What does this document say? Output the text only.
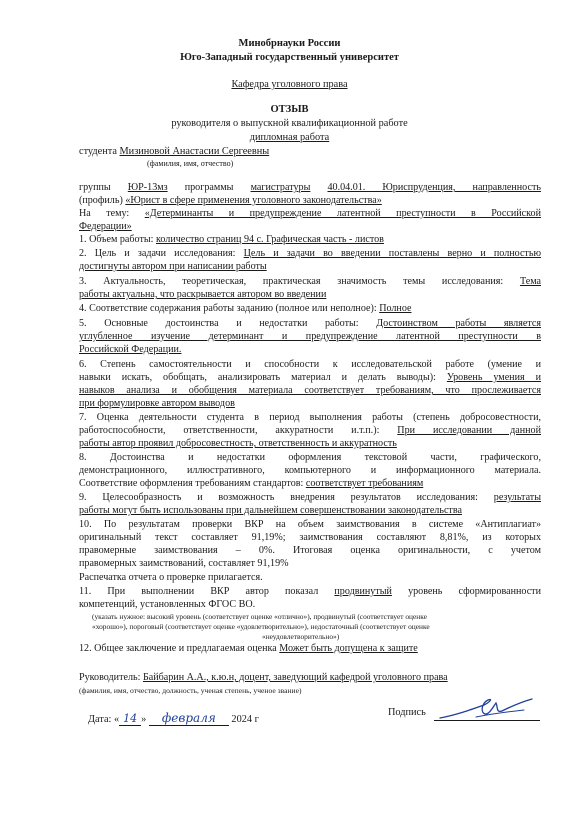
Минобрнауки России
Юго-Западный государственный университет
Кафедра уголовного права
ОТЗЫВ
руководителя о выпускной квалификационной работе
дипломная работа
студента Мизиновой Анастасии Сергеевны
(фамилия, имя, отчество)
группы ЮР-13мз программы магистратуры 40.04.01. Юриспруденция, направленность
(профиль) «Юрист в сфере применения уголовного законодательства»
На тему: «Детерминанты и предупреждение латентной преступности в Российской
Федерации»
1. Объем работы: количество страниц 94 с. Графическая часть - листов
2. Цель и задачи исследования: Цель и задачи во введении поставлены верно и полностью
достигнуты автором при написании работы
3. Актуальность, теоретическая, практическая значимость темы исследования: Тема
работы актуальна, что раскрывается автором во введении
4. Соответствие содержания работы заданию (полное или неполное): Полное
5. Основные достоинства и недостатки работы: Достоинством работы является
углубленное изучение детерминант и предупреждение латентной преступности в
Российской Федерации.
6. Степень самостоятельности и способности к исследовательской работе (умение и
навыки искать, обобщать, анализировать материал и делать выводы): Уровень умения и
навыков анализа и обобщения материала соответствует требованиям, что прослеживается
при формулировке автором выводов
7. Оценка деятельности студента в период выполнения работы (степень добросовестности,
работоспособности, ответственности, аккуратности и.т.п.): При исследовании данной
работы автор проявил добросовестность, ответственность и аккуратность
8. Достоинства и недостатки оформления текстовой части, графического,
демонстрационного, иллюстративного, компьютерного и информационного материала.
Соответствие оформления требованиям стандартов: соответствует требованиям
9. Целесообразность и возможность внедрения результатов исследования: результаты
работы могут быть использованы при дальнейшем совершенствовании законодательства
10. По результатам проверки ВКР на объем заимствования в системе «Антиплагиат»
оригинальный текст составляет 91,19%; заимствования составляют 8,81%, из которых
правомерные заимствования – 0%. Итоговая оценка оригинальности, с учетом
правомерных заимствований, составляет 91,19%
Распечатка отчета о проверке прилагается.
11. При выполнении ВКР автор показал продвинутый уровень сформированности
компетенций, установленных ФГОС ВО.
(указать нужное: высокий уровень (соответствует оценке «отлично»), продвинутый (соответствует оценке
«хорошо»), пороговый (соответствует оценке «удовлетворительно»), недостаточный (соответствует оценке
«неудовлетворительно»)
12. Общее заключение и предлагаемая оценка Может быть допущена к защите
Руководитель: Байбарин А.А., к.ю.н, доцент, заведующий кафедрой уголовного права
(фамилия, имя, отчество, должность, ученая степень, ученое звание)
Дата: « 14 » февраля 2024 г
Подпись
